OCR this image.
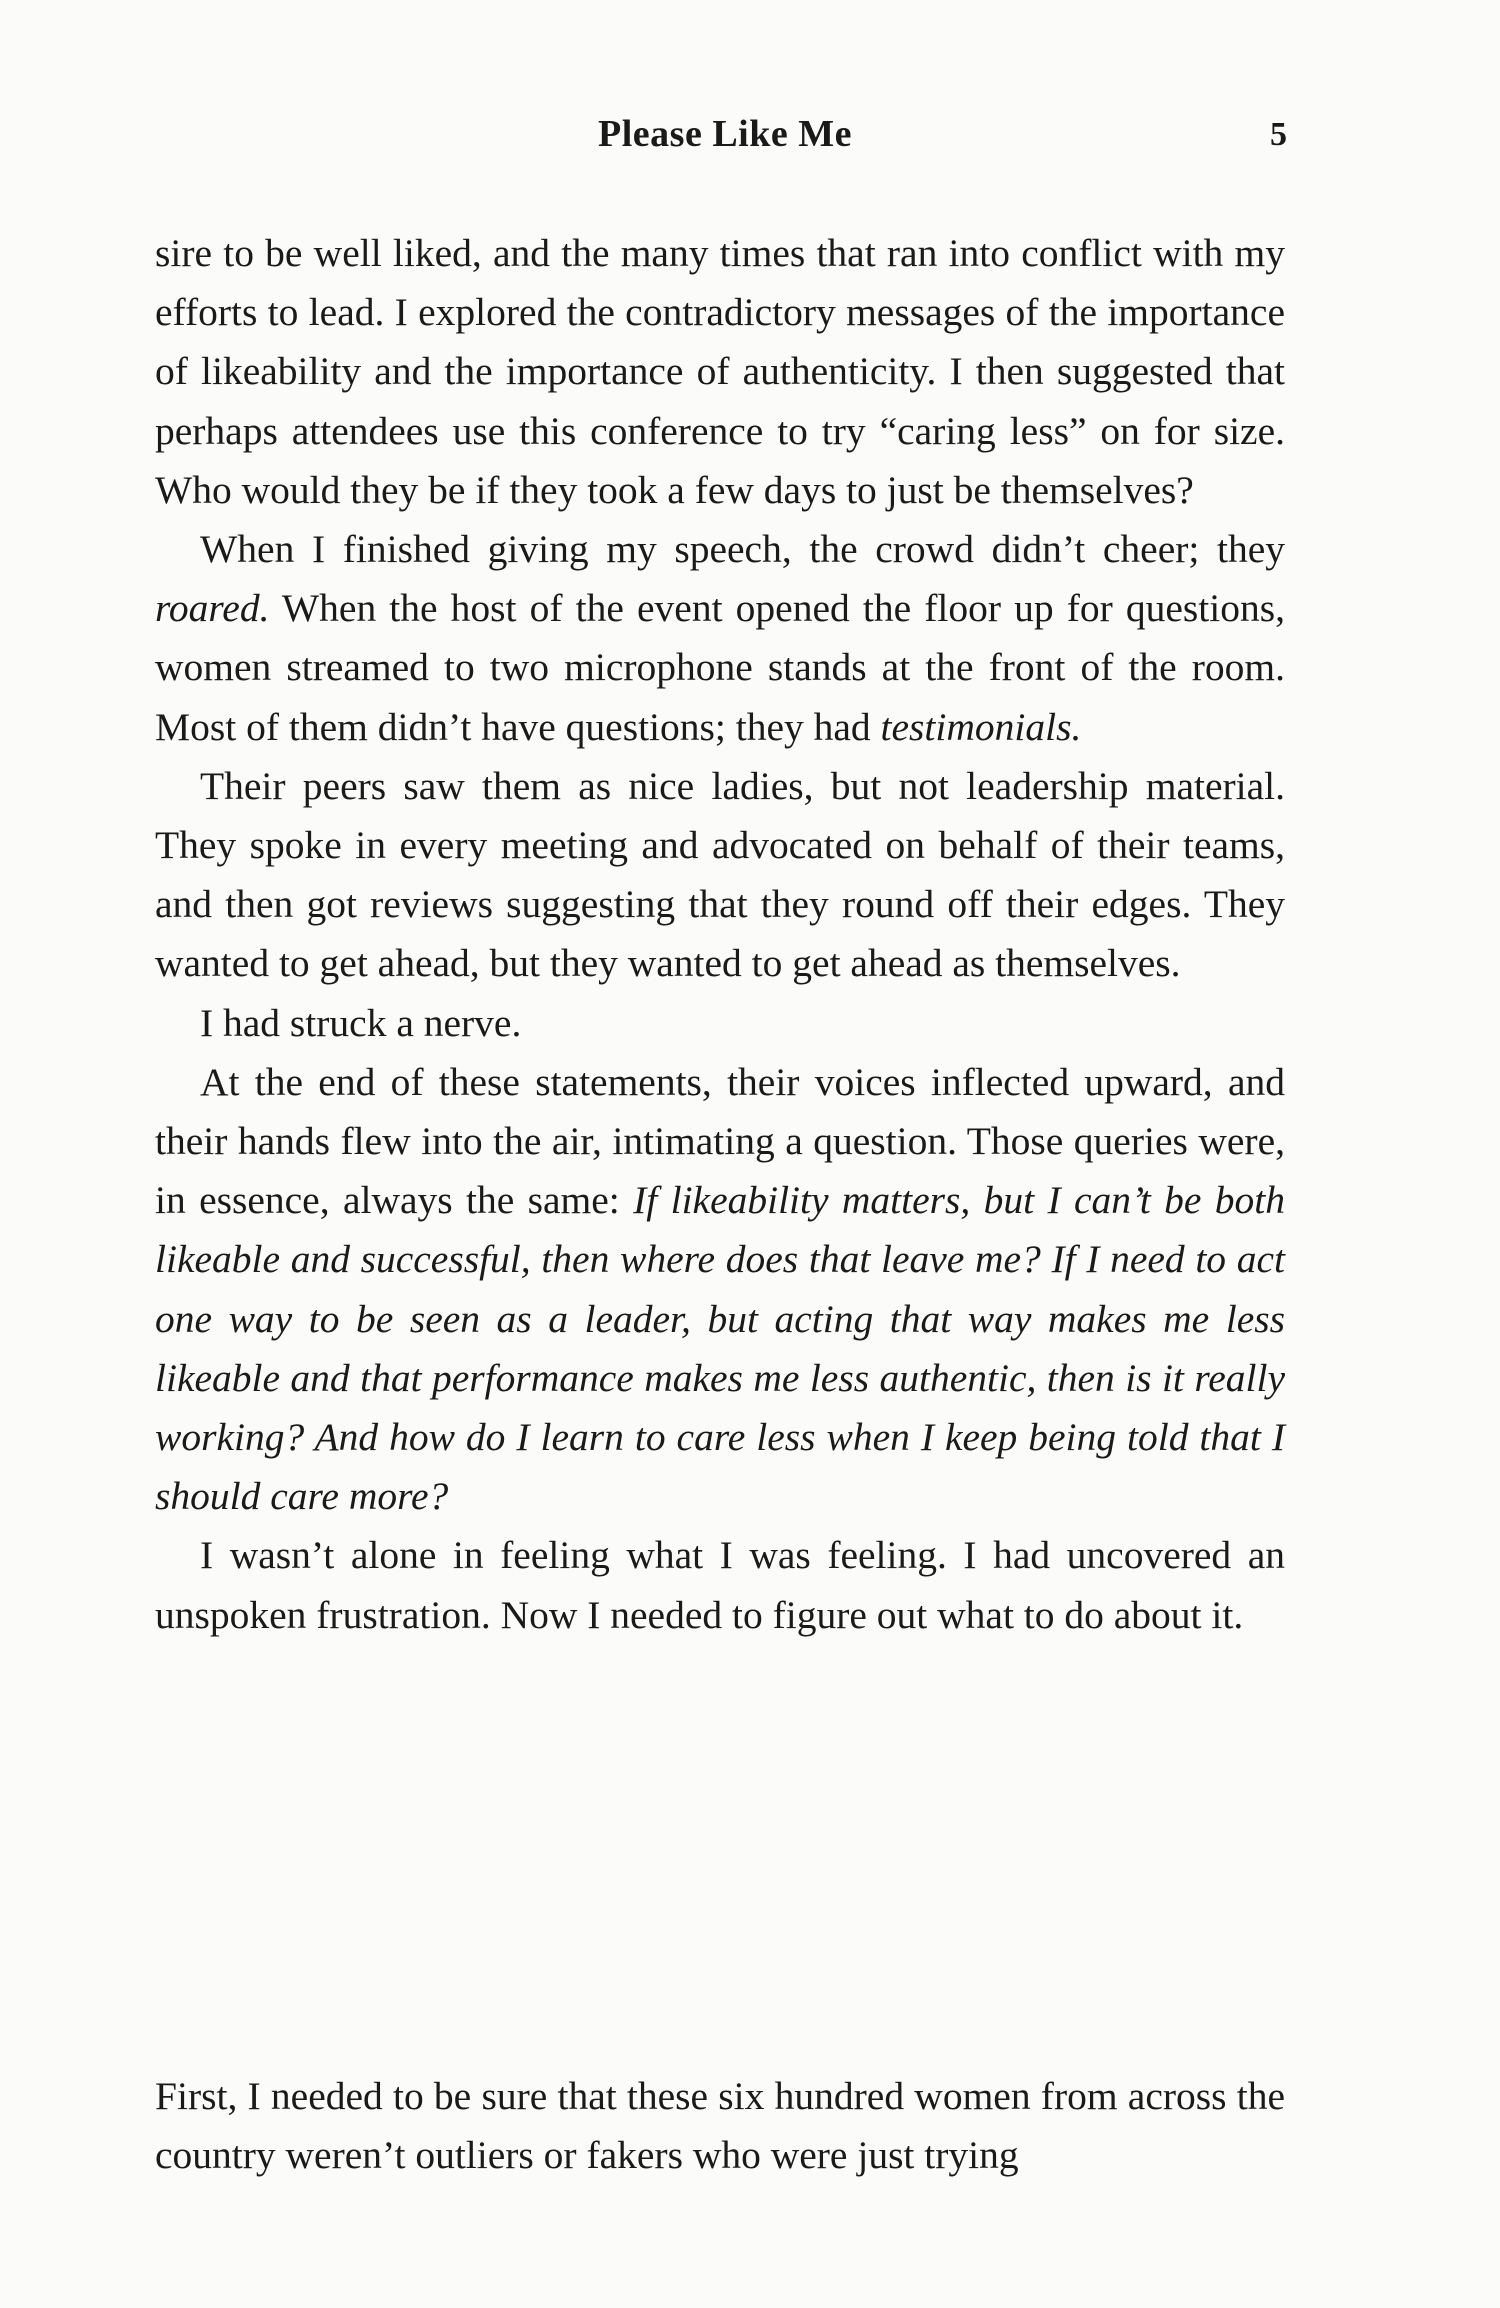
Please Like Me	5

sire to be well liked, and the many times that ran into conflict with my efforts to lead. I explored the contradictory messages of the importance of likeability and the importance of authenticity. I then suggested that perhaps attendees use this conference to try “caring less” on for size. Who would they be if they took a few days to just be themselves?

When I finished giving my speech, the crowd didn’t cheer; they roared. When the host of the event opened the floor up for questions, women streamed to two microphone stands at the front of the room. Most of them didn’t have questions; they had testimonials.

Their peers saw them as nice ladies, but not leadership material. They spoke in every meeting and advocated on behalf of their teams, and then got reviews suggesting that they round off their edges. They wanted to get ahead, but they wanted to get ahead as themselves.

I had struck a nerve.

At the end of these statements, their voices inflected upward, and their hands flew into the air, intimating a question. Those queries were, in essence, always the same: If likeability matters, but I can’t be both likeable and successful, then where does that leave me? If I need to act one way to be seen as a leader, but acting that way makes me less likeable and that performance makes me less authentic, then is it really working? And how do I learn to care less when I keep being told that I should care more?

I wasn’t alone in feeling what I was feeling. I had uncovered an unspoken frustration. Now I needed to figure out what to do about it.

First, I needed to be sure that these six hundred women from across the country weren’t outliers or fakers who were just trying
